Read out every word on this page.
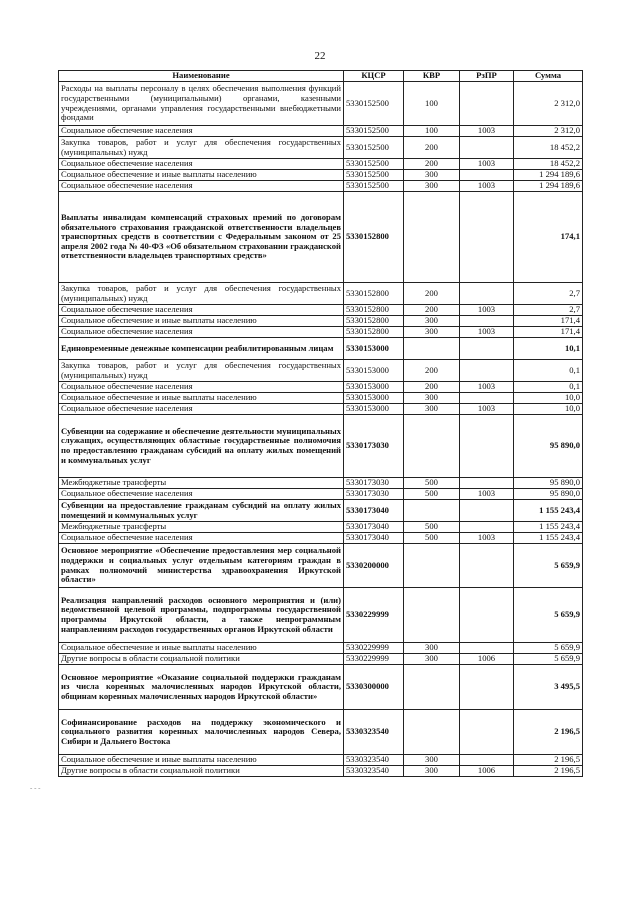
22
Наименование	КЦСР	КВР	РзПР	Сумма
Расходы на выплаты персоналу в целях обеспечения выполнения функций государственными (муниципальными) органами, казенными учреждениями, органами управления государственными внебюджетными фондами	5330152500	100		2 312,0
Социальное обеспечение населения	5330152500	100	1003	2 312,0
Закупка товаров, работ и услуг для обеспечения государственных (муниципальных) нужд	5330152500	200		18 452,2
Социальное обеспечение населения	5330152500	200	1003	18 452,2
Социальное обеспечение и иные выплаты населению	5330152500	300		1 294 189,6
Социальное обеспечение населения	5330152500	300	1003	1 294 189,6
Выплаты инвалидам компенсаций страховых премий по договорам обязательного страхования гражданской ответственности владельцев транспортных средств в соответствии с Федеральным законом от 25 апреля 2002 года № 40-ФЗ «Об обязательном страховании гражданской ответственности владельцев транспортных средств»	5330152800			174,1
Закупка товаров, работ и услуг для обеспечения государственных (муниципальных) нужд	5330152800	200		2,7
Социальное обеспечение населения	5330152800	200	1003	2,7
Социальное обеспечение и иные выплаты населению	5330152800	300		171,4
Социальное обеспечение населения	5330152800	300	1003	171,4
Единовременные денежные компенсации реабилитированным лицам	5330153000			10,1
Закупка товаров, работ и услуг для обеспечения государственных (муниципальных) нужд	5330153000	200		0,1
Социальное обеспечение населения	5330153000	200	1003	0,1
Социальное обеспечение и иные выплаты населению	5330153000	300		10,0
Социальное обеспечение населения	5330153000	300	1003	10,0
Субвенции на содержание и обеспечение деятельности муниципальных служащих, осуществляющих областные государственные полномочия по предоставлению гражданам субсидий на оплату жилых помещений и коммунальных услуг	5330173030			95 890,0
Межбюджетные трансферты	5330173030	500		95 890,0
Социальное обеспечение населения	5330173030	500	1003	95 890,0
Субвенции на предоставление гражданам субсидий на оплату жилых помещений и коммунальных услуг	5330173040			1 155 243,4
Межбюджетные трансферты	5330173040	500		1 155 243,4
Социальное обеспечение населения	5330173040	500	1003	1 155 243,4
Основное мероприятие «Обеспечение предоставления мер социальной поддержки и социальных услуг отдельным категориям граждан в рамках полномочий министерства здравоохранения Иркутской области»	5330200000			5 659,9
Реализация направлений расходов основного мероприятия и (или) ведомственной целевой программы, подпрограммы государственной программы Иркутской области, а также непрограммным направлениям расходов государственных органов Иркутской области	5330229999			5 659,9
Социальное обеспечение и иные выплаты населению	5330229999	300		5 659,9
Другие вопросы в области социальной политики	5330229999	300	1006	5 659,9
Основное мероприятие «Оказание социальной поддержки гражданам из числа коренных малочисленных народов Иркутской области, общинам коренных малочисленных народов Иркутской области»	5330300000			3 495,5
Софинансирование расходов на поддержку экономического и социального развития коренных малочисленных народов Севера, Сибири и Дальнего Востока	5330323540			2 196,5
Социальное обеспечение и иные выплаты населению	5330323540	300		2 196,5
Другие вопросы в области социальной политики	5330323540	300	1006	2 196,5
- - -
